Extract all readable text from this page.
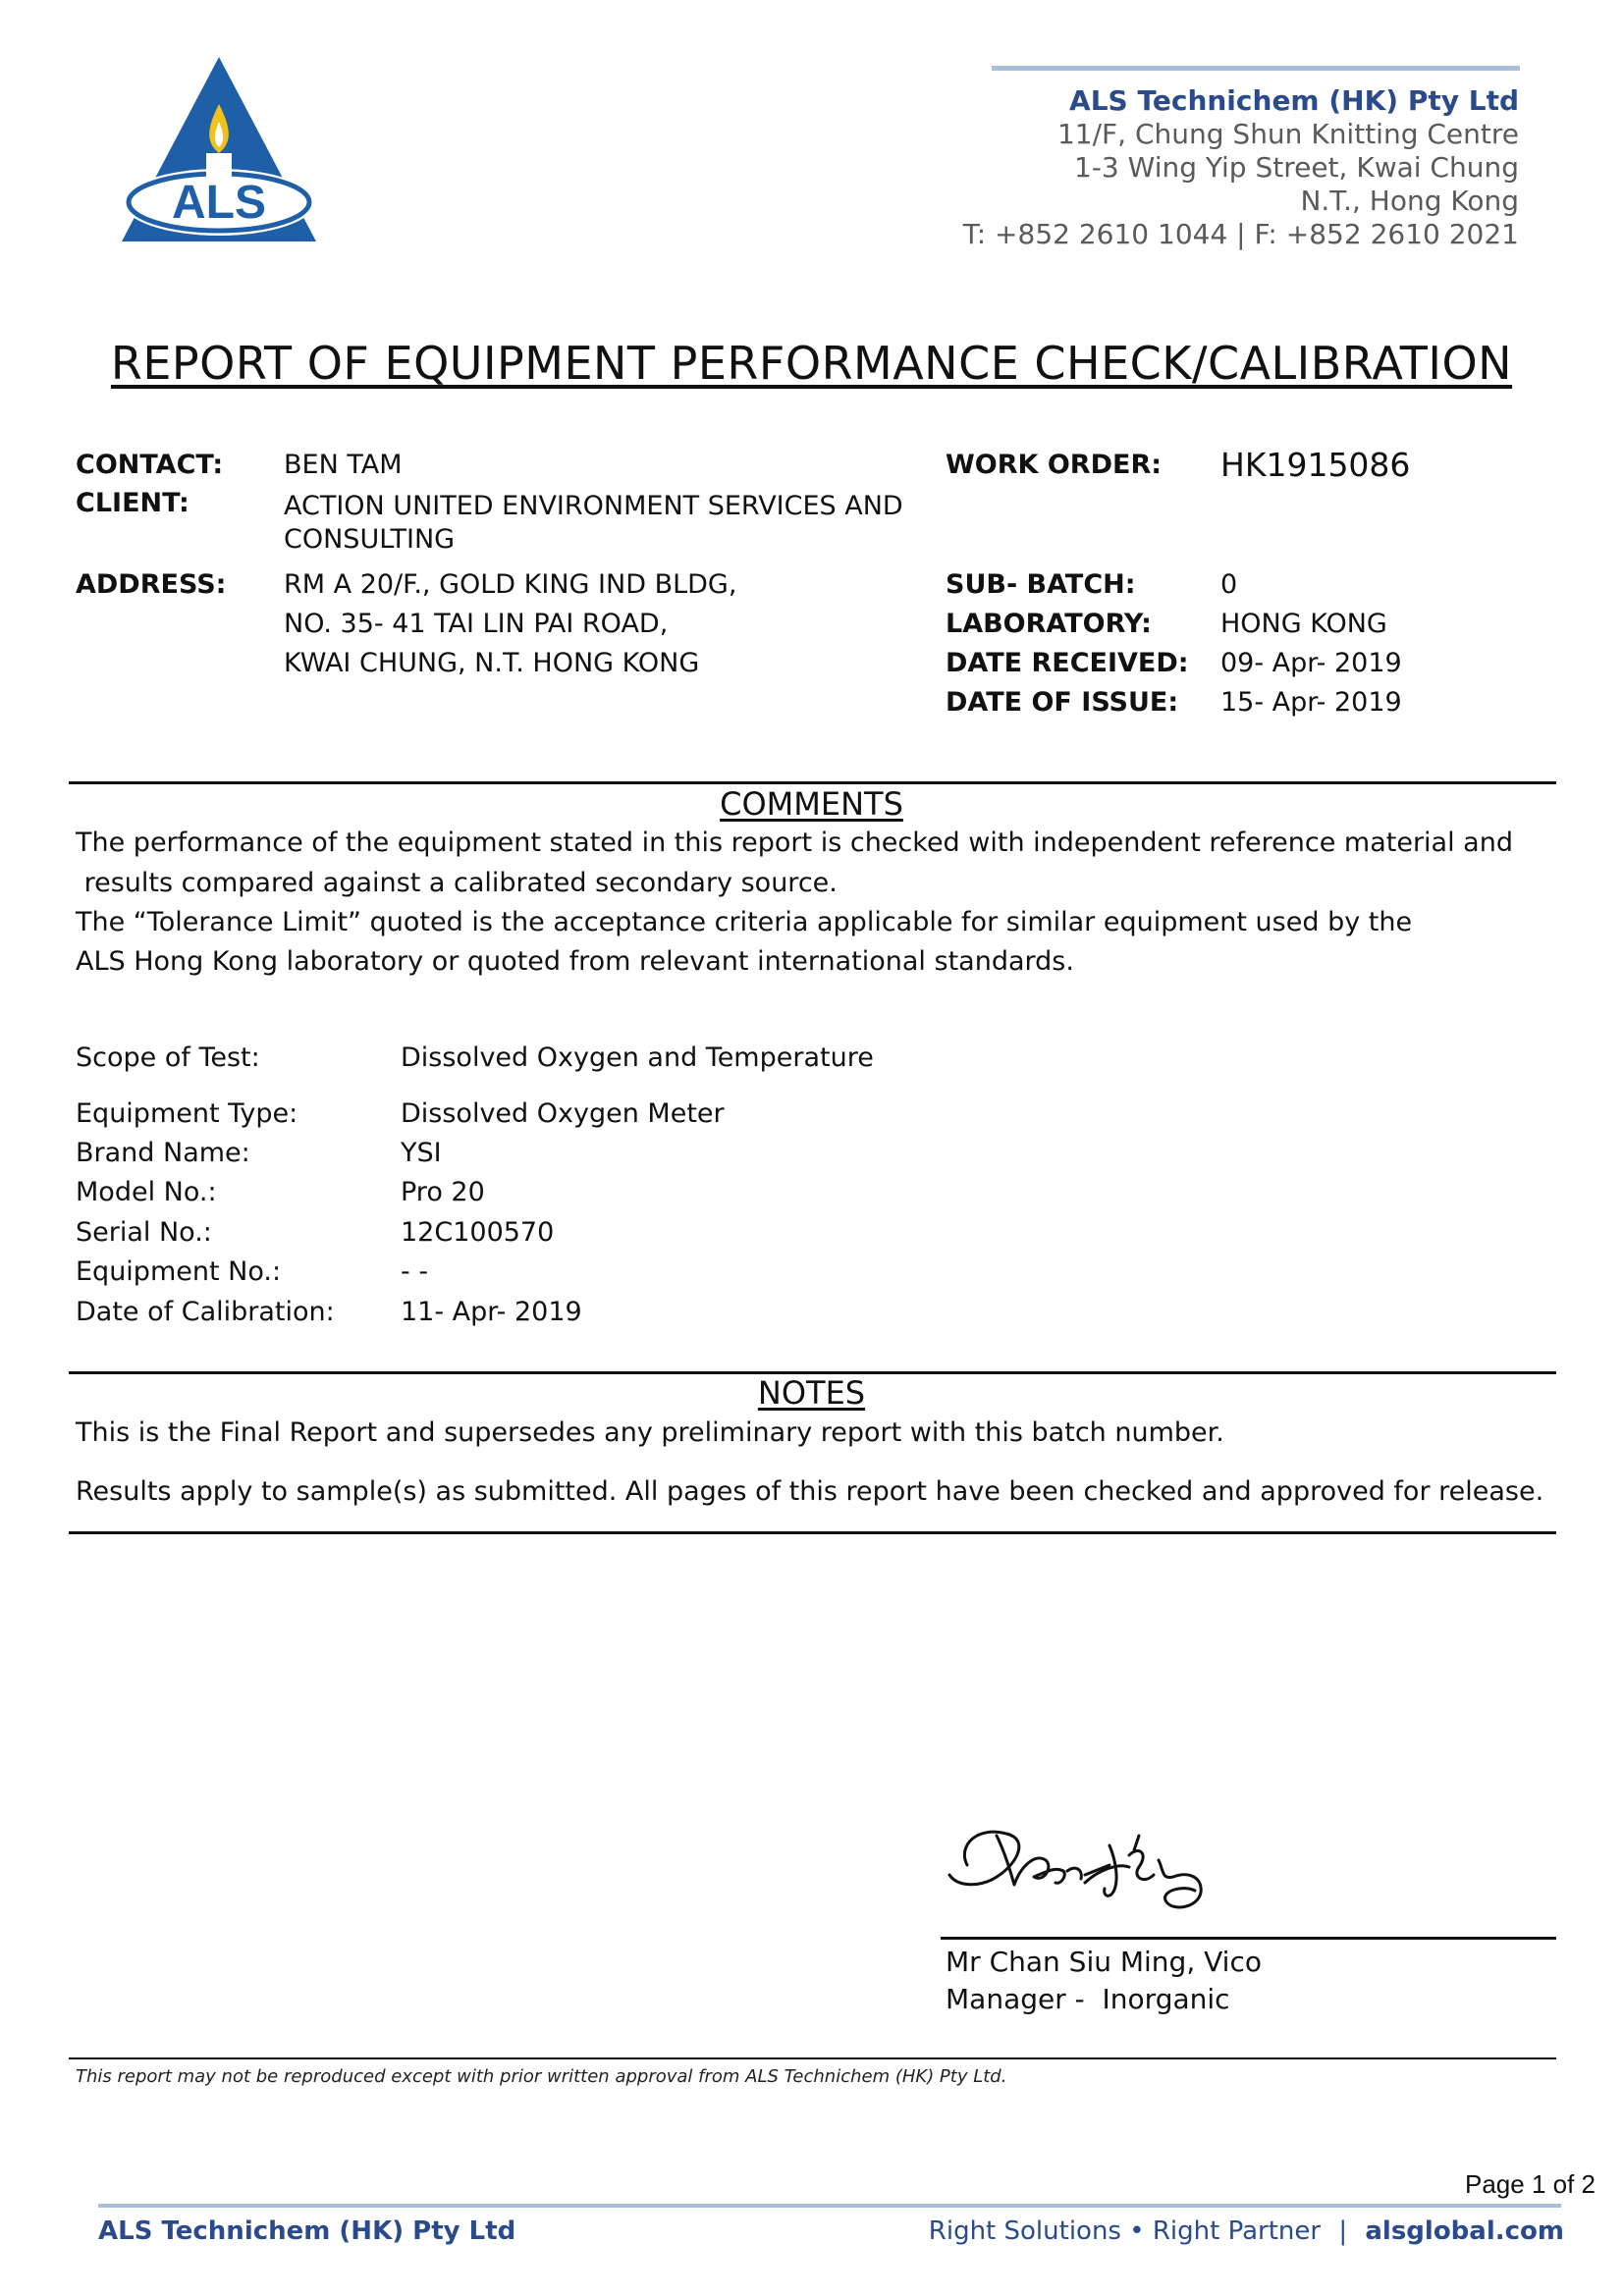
ALS
ALS Technichem (HK) Pty Ltd
11/F, Chung Shun Knitting Centre
1-3 Wing Yip Street, Kwai Chung
N.T., Hong Kong
T: +852 2610 1044 | F: +852 2610 2021
REPORT OF EQUIPMENT PERFORMANCE CHECK/CALIBRATION
CONTACT: BEN TAM
CLIENT:	ACTION UNITED ENVIRONMENT SERVICES AND
CONSULTING
ADDRESS: RM A 20/F., GOLD KING IND BLDG,
NO. 35- 41 TAI LIN PAI ROAD,
KWAI CHUNG, N.T. HONG KONG
WORK ORDER: HK1915086
SUB- BATCH:	0
LABORATORY:	HONG KONG
DATE RECEIVED: 09- Apr- 2019
DATE OF ISSUE: 15- Apr- 2019
COMMENTS
The performance of the equipment stated in this report is checked with independent reference material and
results compared against a calibrated secondary source.
The “Tolerance Limit” quoted is the acceptance criteria applicable for similar equipment used by the
ALS Hong Kong laboratory or quoted from relevant international standards.
Scope of Test:	Dissolved Oxygen and Temperature
Equipment Type:	Dissolved Oxygen Meter
Brand Name:	YSI
Model No.:	Pro 20
Serial No.:	12C100570
Equipment No.:	- -
Date of Calibration: 11- Apr- 2019
NOTES
This is the Final Report and supersedes any preliminary report with this batch number.
Results apply to sample(s) as submitted. All pages of this report have been checked and approved for release.
Mr Chan Siu Ming, Vico
Manager -  Inorganic
This report may not be reproduced except with prior written approval from ALS Technichem (HK) Pty Ltd.
Page 1 of 2
ALS Technichem (HK) Pty Ltd	Right Solutions • Right Partner | alsglobal.com
